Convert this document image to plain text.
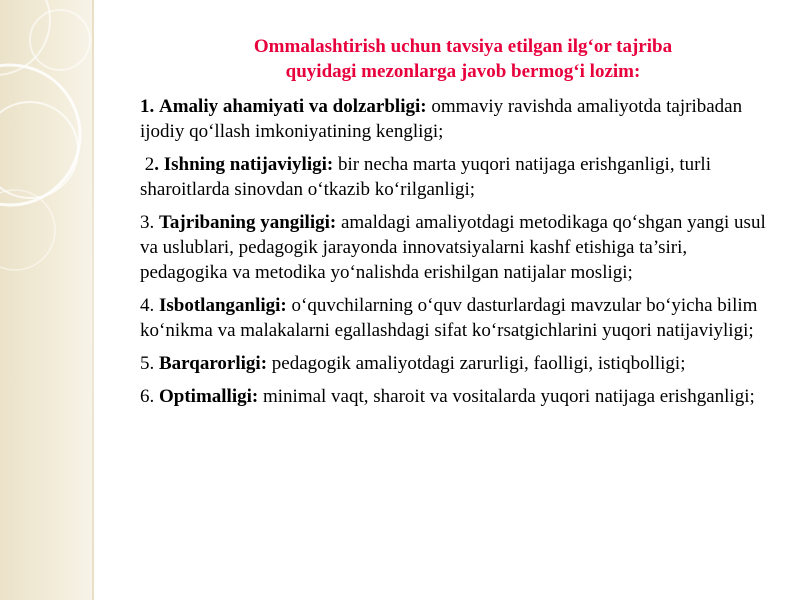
Ommalashtirish uchun tavsiya etilgan ilg‘or tajriba
quyidagi mezonlarga javob bermog‘i lozim:

1. Amaliy ahamiyati va dolzarbligi: ommaviy ravishda amaliyotda tajribadan ijodiy qo‘llash imkoniyatining kengligi;

2. Ishning natijaviyligi: bir necha marta yuqori natijaga erishganligi, turli sharoitlarda sinovdan o‘tkazib ko‘rilganligi;

3. Tajribaning yangiligi: amaldagi amaliyotdagi metodikaga qo‘shgan yangi usul va uslublari, pedagogik jarayonda innovatsiyalarni kashf etishiga ta’siri, pedagogika va metodika yo‘nalishda erishilgan natijalar mosligi;

4. Isbotlanganligi: o‘quvchilarning o‘quv dasturlardagi mavzular bo‘yicha bilim ko‘nikma va malakalarni egallashdagi sifat ko‘rsatgichlarini yuqori natijaviyligi;

5. Barqarorligi: pedagogik amaliyotdagi zarurligi, faolligi, istiqbolligi;

6. Optimalligi: minimal vaqt, sharoit va vositalarda yuqori natijaga erishganligi;
